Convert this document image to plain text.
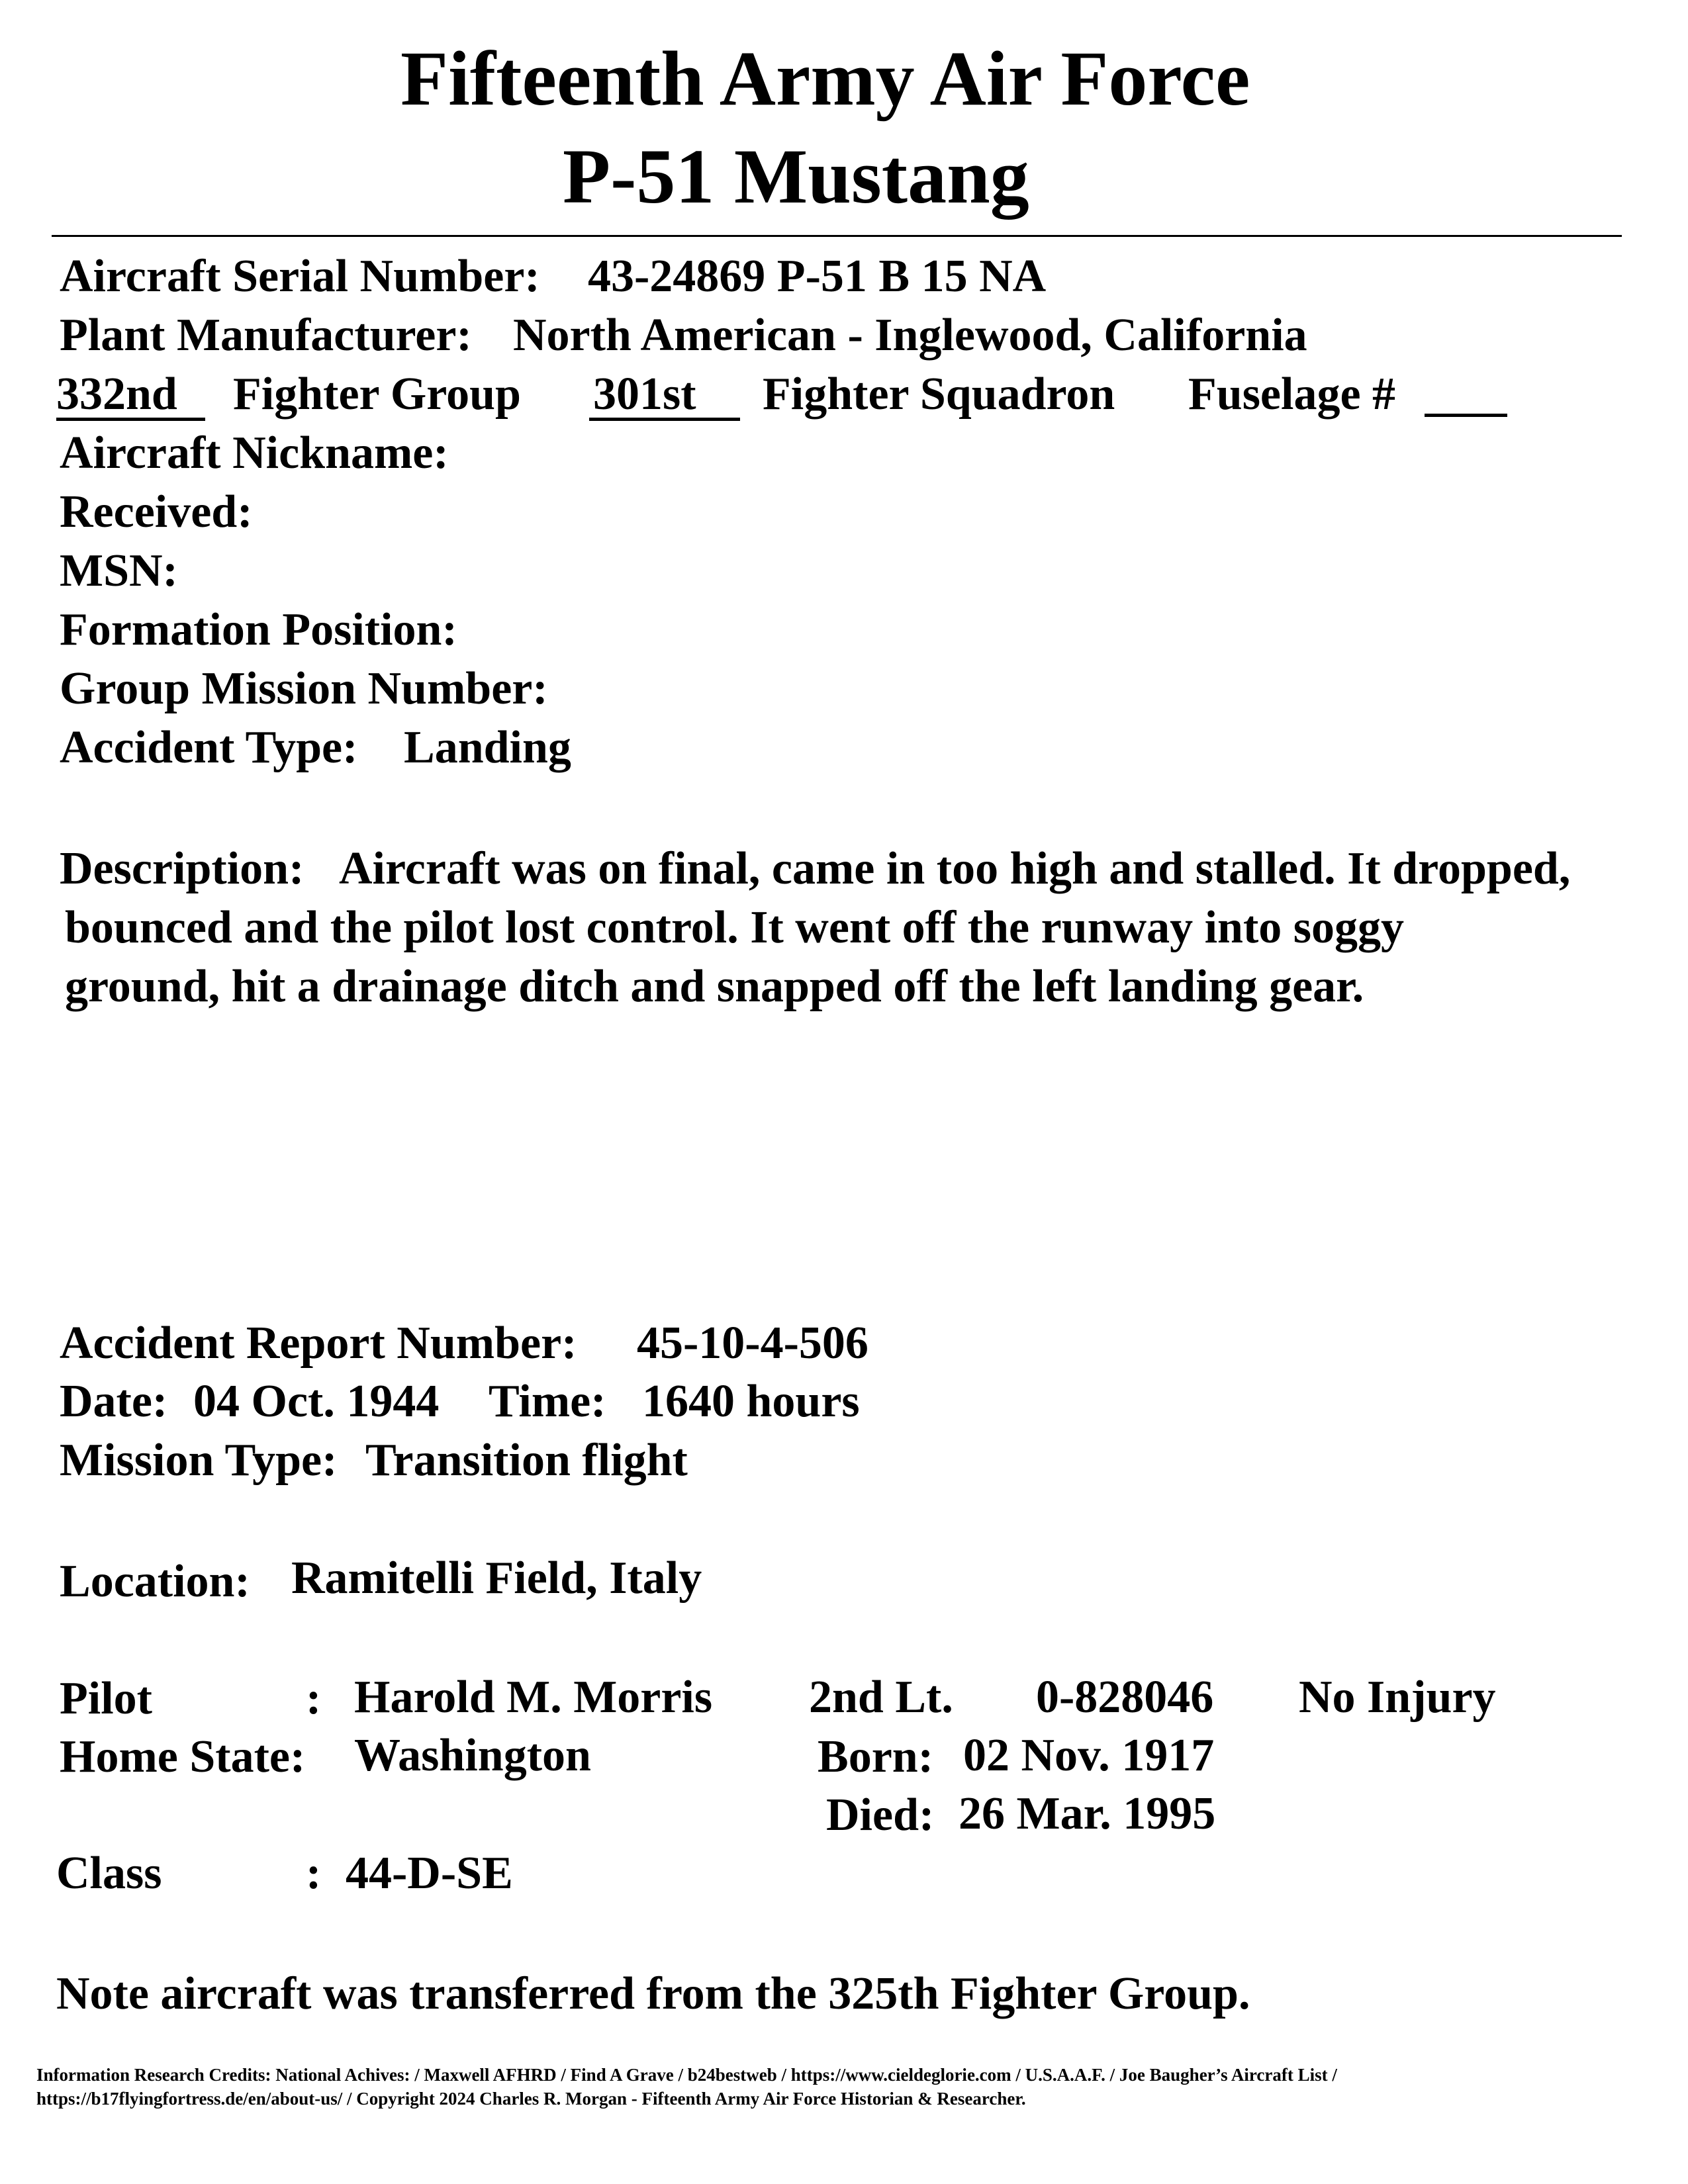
Fifteenth Army Air Force
P-51 Mustang
Aircraft Serial Number: 43-24869 P-51 B 15 NA
Plant Manufacturer: North American - Inglewood, California
332nd	Fighter Group 301st	Fighter Squadron Fuselage #
Aircraft Nickname:
Received:
MSN:
Formation Position:
Group Mission Number:
Accident Type: Landing
Description: Aircraft was on final, came in too high and stalled. It dropped,
bounced and the pilot lost control. It went off the runway into soggy
ground, hit a drainage ditch and snapped off the left landing gear.
Accident Report Number: 45-10-4-506
Date: 04 Oct. 1944 Time: 1640 hours
Mission Type: Transition flight
Location: Ramitelli Field, Italy
Pilot	: Harold M. Morris 2nd Lt. 0-828046 No Injury
Home State: Washington	Born: 02 Nov. 1917
Died: 26 Mar. 1995
Class	: 44-D-SE
Note aircraft was transferred from the 325th Fighter Group.
Information Research Credits: National Achives: / Maxwell AFHRD / Find A Grave / b24bestweb / https://www.cieldeglorie.com / U.S.A.A.F. / Joe Baugher’s Aircraft List /
https://b17flyingfortress.de/en/about-us/ / Copyright 2024 Charles R. Morgan - Fifteenth Army Air Force Historian & Researcher.
